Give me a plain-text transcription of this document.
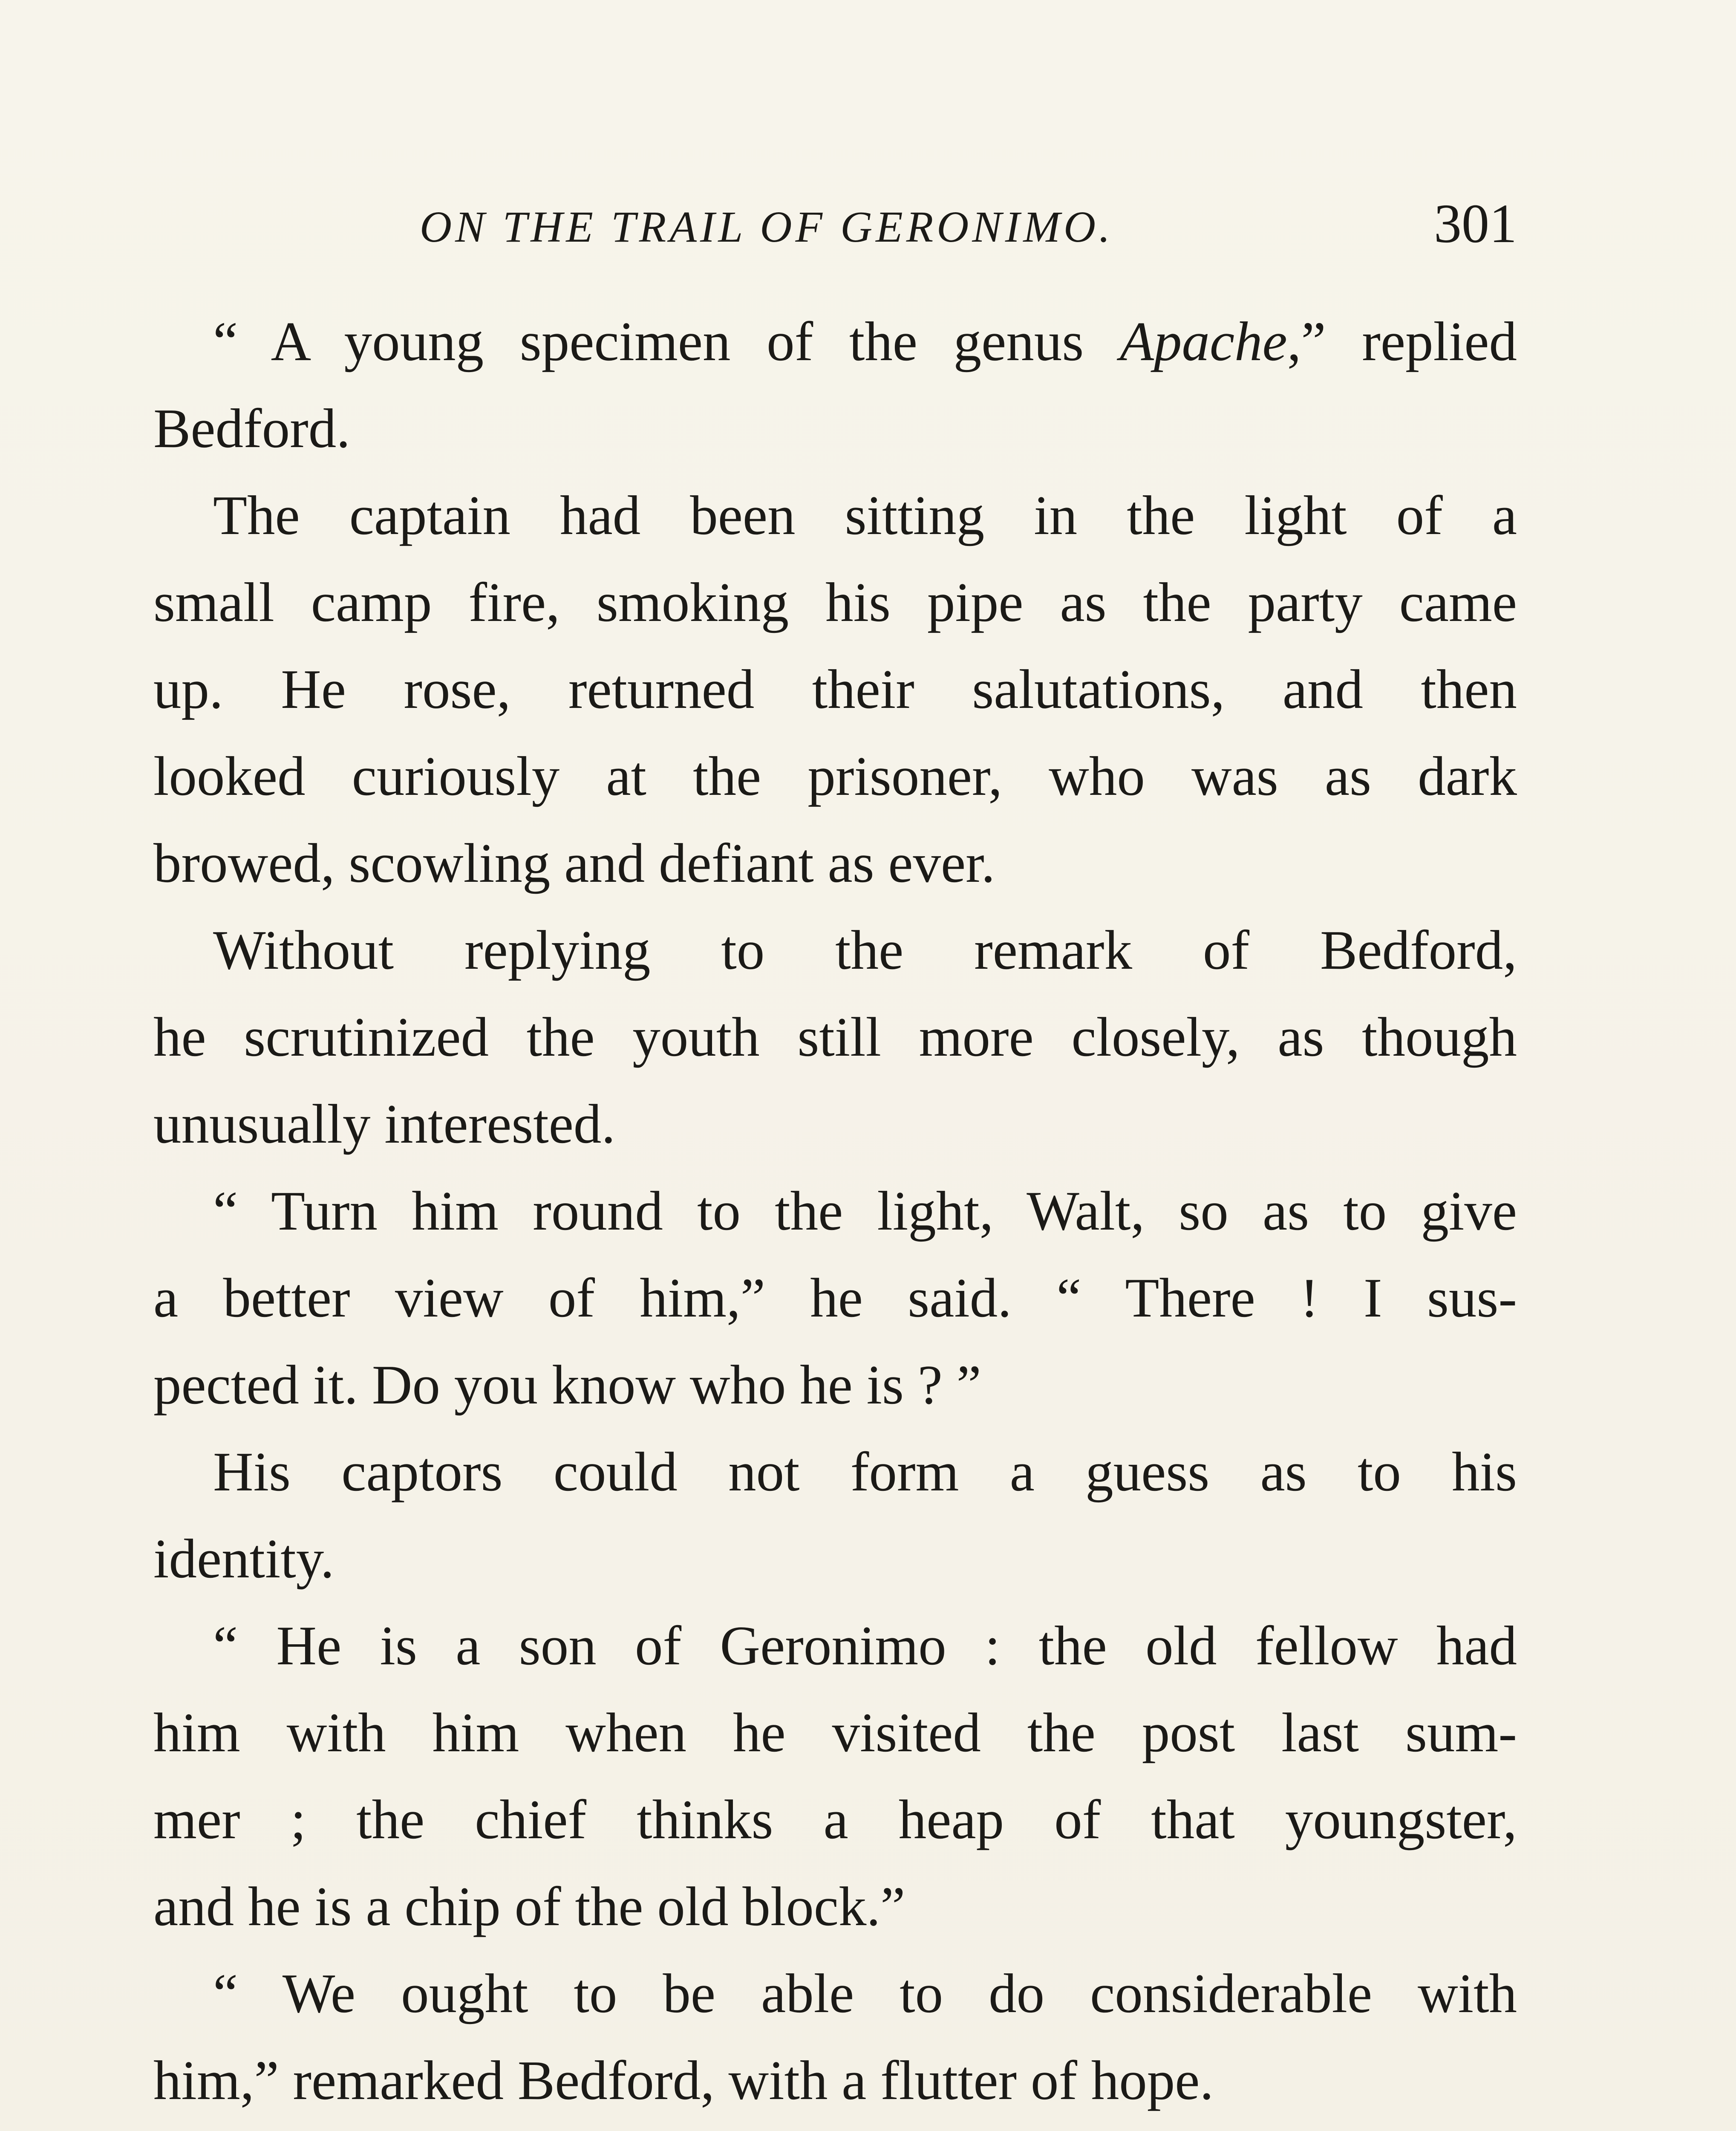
ON THE TRAIL OF GERONIMO.	301
“ A young specimen of the genus Apache,” replied
Bedford.
The captain had been sitting in the light of a
small camp fire, smoking his pipe as the party came
up. He rose, returned their salutations, and then
looked curiously at the prisoner, who was as dark
browed, scowling and defiant as ever.
Without replying to the remark of Bedford,
he scrutinized the youth still more closely, as though
unusually interested.
“ Turn him round to the light, Walt, so as to give
a better view of him,” he said. “ There ! I sus-
pected it. Do you know who he is ? ”
His captors could not form a guess as to his
identity.
“ He is a son of Geronimo : the old fellow had
him with him when he visited the post last sum-
mer ; the chief thinks a heap of that youngster,
and he is a chip of the old block.”
“ We ought to be able to do considerable with
him,” remarked Bedford, with a flutter of hope.
